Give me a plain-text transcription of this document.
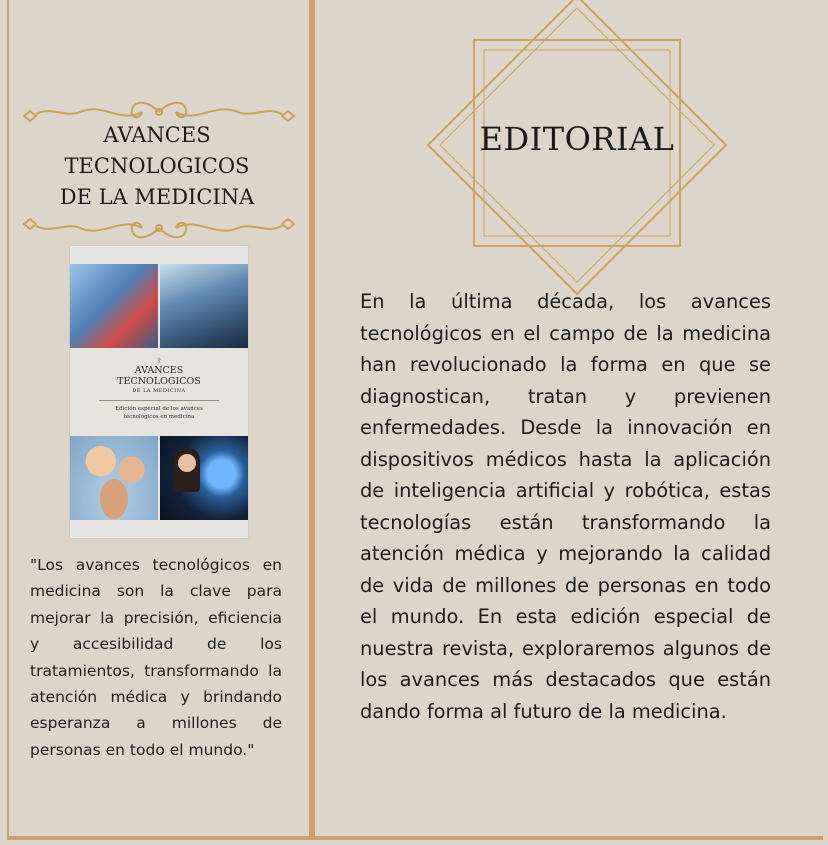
AVANCES
TECNOLOGICOS
DE LA MEDICINA
⚕
AVANCES
TECNOLOGICOS
DE LA MEDICINA
Edición especial de los avances
tecnológicos en medicina
"Los avances tecnológicos en medicina son la clave para mejorar la precisión, eficiencia y accesibilidad de los tratamientos, transformando la atención médica y brindando esperanza a millones de personas en todo el mundo."
EDITORIAL
En la última década, los avances tecnológicos en el campo de la medicina han revolucionado la forma en que se diagnostican, tratan y previenen enfermedades. Desde la innovación en dispositivos médicos hasta la aplicación de inteligencia artificial y robótica, estas tecnologías están transformando la atención médica y mejorando la calidad de vida de millones de personas en todo el mundo. En esta edición especial de nuestra revista, exploraremos algunos de los avances más destacados que están dando forma al futuro de la medicina.
